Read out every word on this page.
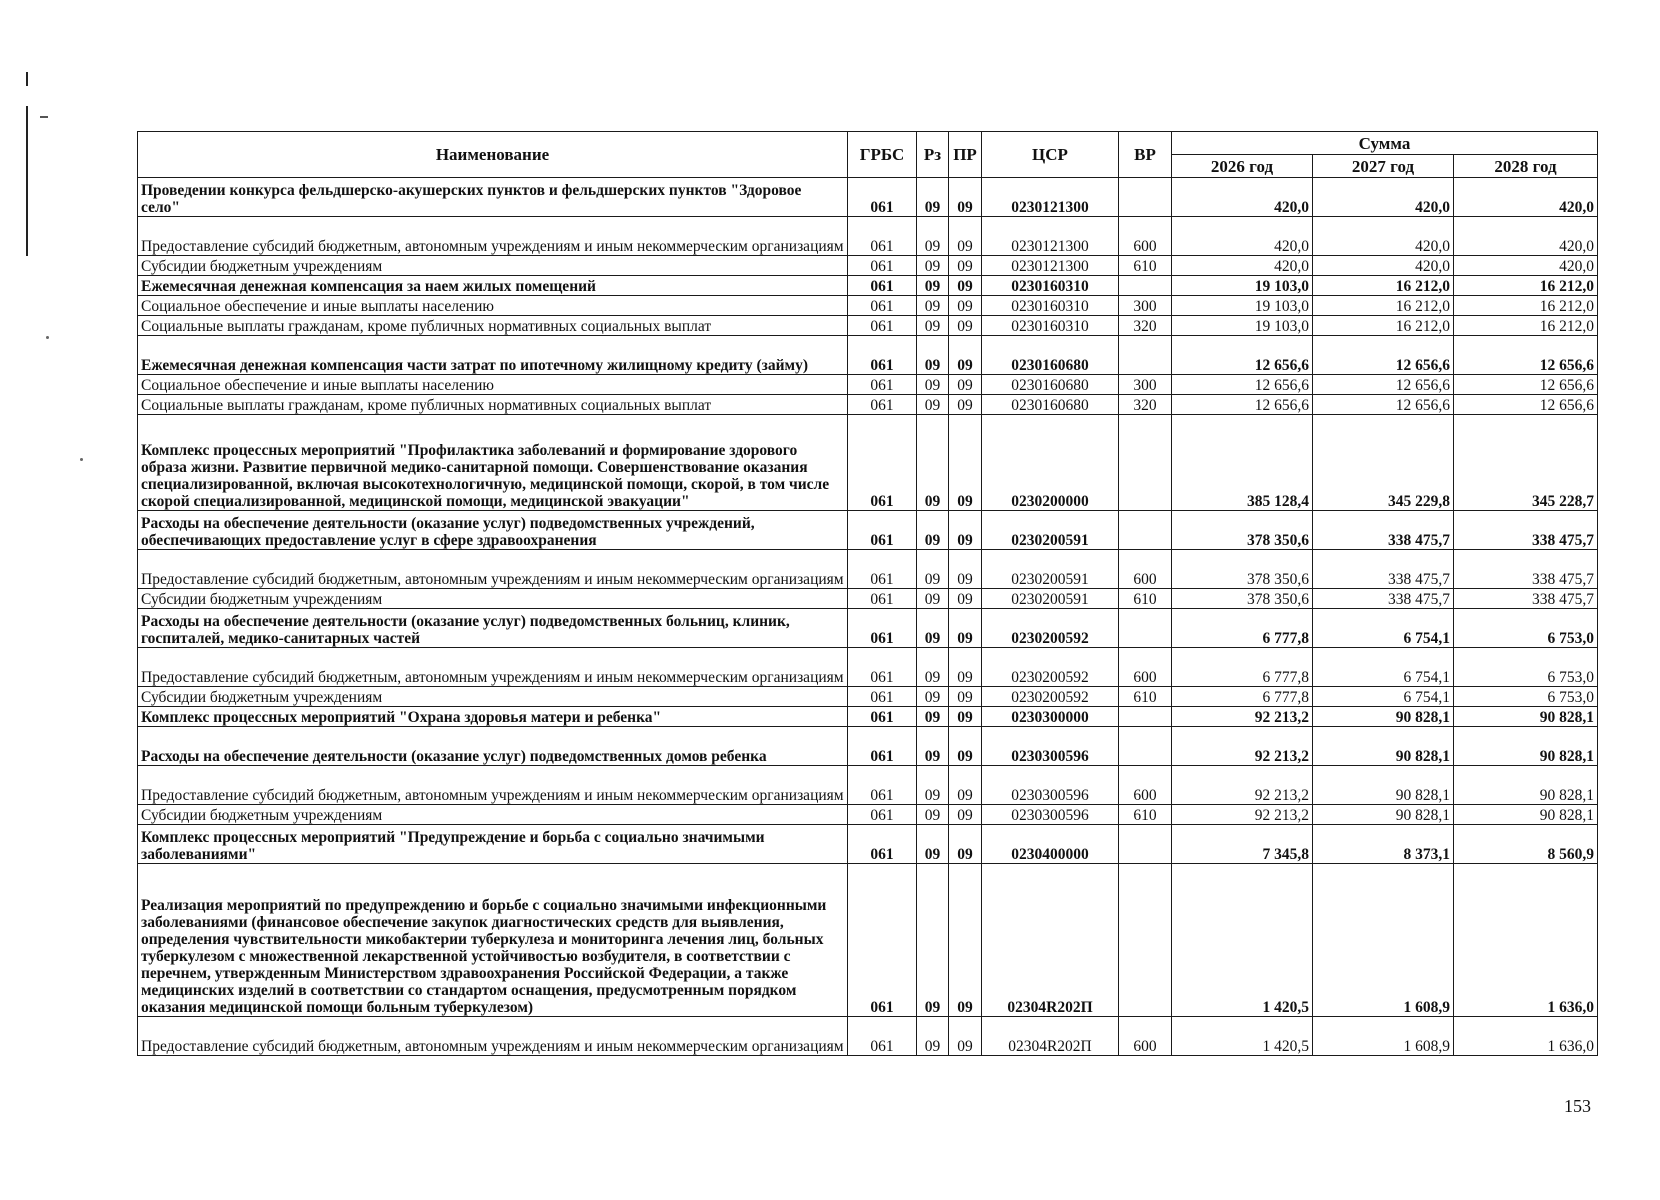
Наименование	ГРБС	Рз	ПР	ЦСР	ВР	Сумма		
						2026 год	2027 год	2028 год
Проведении конкурса фельдшерско-акушерских пунктов и фельдшерских пунктов "Здоровое село"	061	09	09	0230121300		420,0	420,0	420,0
Предоставление субсидий бюджетным, автономным учреждениям и иным некоммерческим организациям	061	09	09	0230121300	600	420,0	420,0	420,0
Субсидии бюджетным учреждениям	061	09	09	0230121300	610	420,0	420,0	420,0
Ежемесячная денежная компенсация за наем жилых помещений	061	09	09	0230160310		19 103,0	16 212,0	16 212,0
Социальное обеспечение и иные выплаты населению	061	09	09	0230160310	300	19 103,0	16 212,0	16 212,0
Социальные выплаты гражданам, кроме публичных нормативных социальных выплат	061	09	09	0230160310	320	19 103,0	16 212,0	16 212,0
Ежемесячная денежная компенсация части затрат по ипотечному жилищному кредиту (займу)	061	09	09	0230160680		12 656,6	12 656,6	12 656,6
Социальное обеспечение и иные выплаты населению	061	09	09	0230160680	300	12 656,6	12 656,6	12 656,6
Социальные выплаты гражданам, кроме публичных нормативных социальных выплат	061	09	09	0230160680	320	12 656,6	12 656,6	12 656,6
Комплекс процессных мероприятий "Профилактика заболеваний и формирование здорового образа жизни. Развитие первичной медико-санитарной помощи. Совершенствование оказания специализированной, включая высокотехнологичную, медицинской помощи, скорой, в том числе скорой специализированной, медицинской помощи, медицинской эвакуации"	061	09	09	0230200000		385 128,4	345 229,8	345 228,7
Расходы на обеспечение деятельности (оказание услуг) подведомственных учреждений, обеспечивающих предоставление услуг в сфере здравоохранения	061	09	09	0230200591		378 350,6	338 475,7	338 475,7
Предоставление субсидий бюджетным, автономным учреждениям и иным некоммерческим организациям	061	09	09	0230200591	600	378 350,6	338 475,7	338 475,7
Субсидии бюджетным учреждениям	061	09	09	0230200591	610	378 350,6	338 475,7	338 475,7
Расходы на обеспечение деятельности (оказание услуг) подведомственных больниц, клиник, госпиталей, медико-санитарных частей	061	09	09	0230200592		6 777,8	6 754,1	6 753,0
Предоставление субсидий бюджетным, автономным учреждениям и иным некоммерческим организациям	061	09	09	0230200592	600	6 777,8	6 754,1	6 753,0
Субсидии бюджетным учреждениям	061	09	09	0230200592	610	6 777,8	6 754,1	6 753,0
Комплекс процессных мероприятий "Охрана здоровья матери и ребенка"	061	09	09	0230300000		92 213,2	90 828,1	90 828,1
Расходы на обеспечение деятельности (оказание услуг) подведомственных домов ребенка	061	09	09	0230300596		92 213,2	90 828,1	90 828,1
Предоставление субсидий бюджетным, автономным учреждениям и иным некоммерческим организациям	061	09	09	0230300596	600	92 213,2	90 828,1	90 828,1
Субсидии бюджетным учреждениям	061	09	09	0230300596	610	92 213,2	90 828,1	90 828,1
Комплекс процессных мероприятий "Предупреждение и борьба с социально значимыми заболеваниями"	061	09	09	0230400000		7 345,8	8 373,1	8 560,9
Реализация мероприятий по предупреждению и борьбе с социально значимыми инфекционными заболеваниями (финансовое обеспечение закупок диагностических средств для выявления, определения чувствительности микобактерии туберкулеза и мониторинга лечения лиц, больных туберкулезом с множественной лекарственной устойчивостью возбудителя, в соответствии с перечнем, утвержденным Министерством здравоохранения Российской Федерации, а также медицинских изделий в соответствии со стандартом оснащения, предусмотренным порядком оказания медицинской помощи больным туберкулезом)	061	09	09	02304R202П		1 420,5	1 608,9	1 636,0
Предоставление субсидий бюджетным, автономным учреждениям и иным некоммерческим организациям	061	09	09	02304R202П	600	1 420,5	1 608,9	1 636,0
153
